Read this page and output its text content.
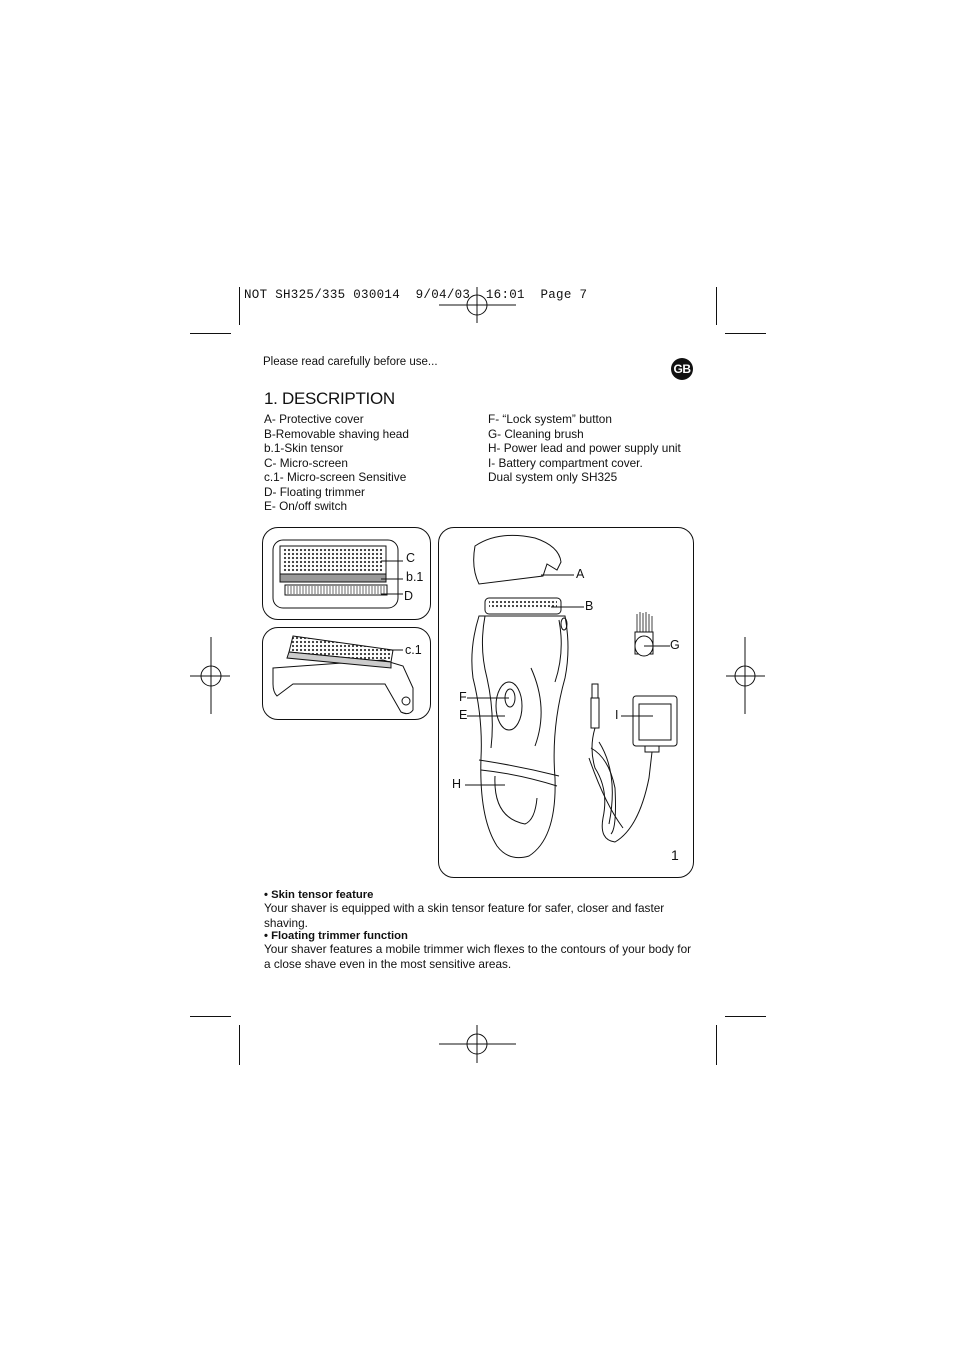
NOT SH325/335 030014  9/04/03  16:01  Page 7
Please read carefully before use...	GB
1. DESCRIPTION
A- Protective cover
B-Removable shaving head
b.1-Skin tensor
C- Micro-screen
c.1- Micro-screen Sensitive
D- Floating trimmer
E- On/off switch
F- “Lock system” button
G- Cleaning brush
H- Power lead and power supply unit
I- Battery compartment cover.
Dual system only SH325
C
b.1
D
c.1
A
B
G
F
E	I
H
1
• Skin tensor feature
Your shaver is equipped with a skin tensor feature for safer, closer and faster shaving.
• Floating trimmer function
Your shaver features a mobile trimmer wich flexes to the contours of your body for a close shave even in the most sensitive areas.
